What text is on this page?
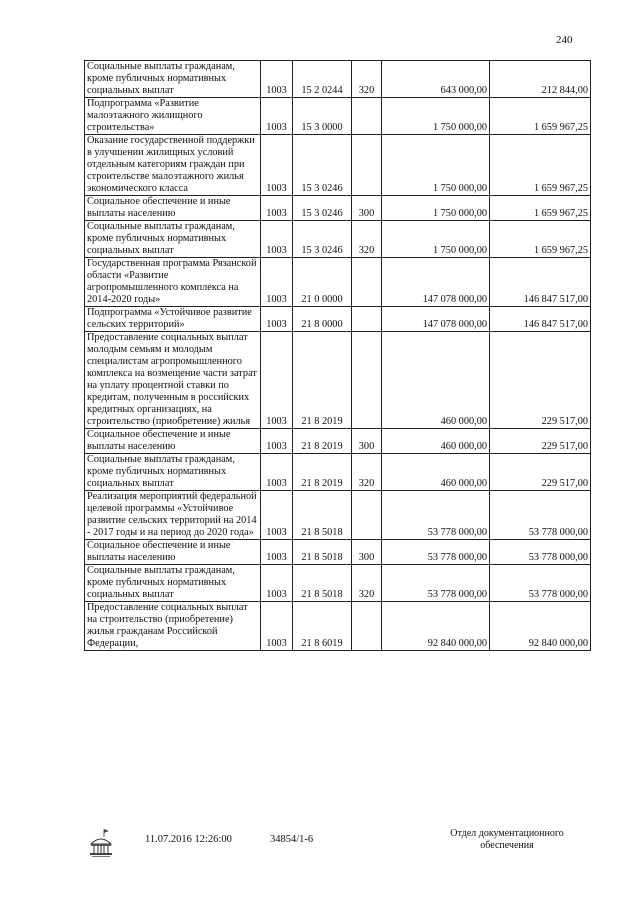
240
Социальные выплаты гражданам, кроме публичных нормативных социальных выплат	1003	15 2 0244	320	643 000,00	212 844,00
Подпрограмма «Развитие малоэтажного жилищного строительства»	1003	15 3 0000		1 750 000,00	1 659 967,25
Оказание государственной поддержки в улучшении жилищных условий отдельным категориям граждан при строительстве малоэтажного жилья экономического класса	1003	15 3 0246		1 750 000,00	1 659 967,25
Социальное обеспечение и иные выплаты населению	1003	15 3 0246	300	1 750 000,00	1 659 967,25
Социальные выплаты гражданам, кроме публичных нормативных социальных выплат	1003	15 3 0246	320	1 750 000,00	1 659 967,25
Государственная программа Рязанской области «Развитие агропромышленного комплекса на 2014-2020 годы»	1003	21 0 0000		147 078 000,00	146 847 517,00
Подпрограмма «Устойчивое развитие сельских территорий»	1003	21 8 0000		147 078 000,00	146 847 517,00
Предоставление социальных выплат молодым семьям и молодым специалистам агропромышленного комплекса на возмещение части затрат на уплату процентной ставки по кредитам, полученным в российских кредитных организациях, на строительство (приобретение) жилья	1003	21 8 2019		460 000,00	229 517,00
Социальное обеспечение и иные выплаты населению	1003	21 8 2019	300	460 000,00	229 517,00
Социальные выплаты гражданам, кроме публичных нормативных социальных выплат	1003	21 8 2019	320	460 000,00	229 517,00
Реализация мероприятий федеральной целевой программы «Устойчивое развитие сельских территорий на 2014 - 2017 годы и на период до 2020 года»	1003	21 8 5018		53 778 000,00	53 778 000,00
Социальное обеспечение и иные выплаты населению	1003	21 8 5018	300	53 778 000,00	53 778 000,00
Социальные выплаты гражданам, кроме публичных нормативных социальных выплат	1003	21 8 5018	320	53 778 000,00	53 778 000,00
Предоставление социальных выплат на строительство (приобретение) жилья гражданам Российской Федерации,	1003	21 8 6019		92 840 000,00	92 840 000,00
11.07.2016 12:26:00	34854/1-6
Отдел документационного
обеспечения
